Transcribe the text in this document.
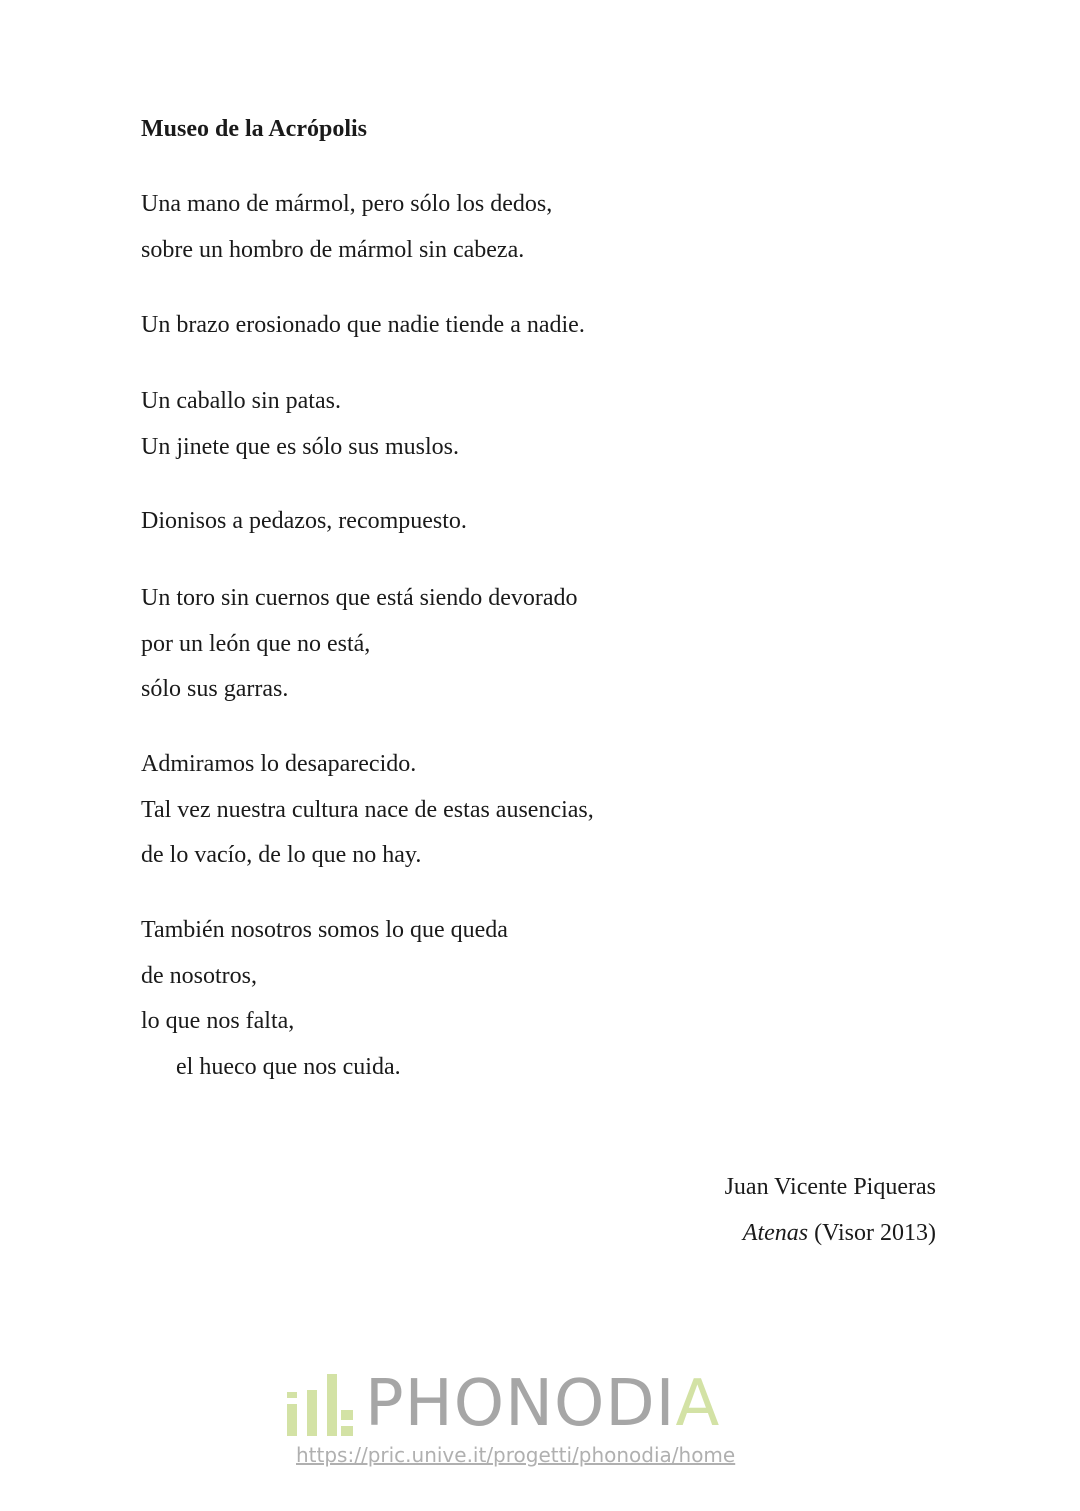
Museo de la Acrópolis
Una mano de mármol, pero sólo los dedos,
sobre un hombro de mármol sin cabeza.
Un brazo erosionado que nadie tiende a nadie.
Un caballo sin patas.
Un jinete que es sólo sus muslos.
Dionisos a pedazos, recompuesto.
Un toro sin cuernos que está siendo devorado
por un león que no está,
sólo sus garras.
Admiramos lo desaparecido.
Tal vez nuestra cultura nace de estas ausencias,
de lo vacío, de lo que no hay.
También nosotros somos lo que queda
de nosotros,
lo que nos falta,
el hueco que nos cuida.
Juan Vicente Piqueras
Atenas (Visor 2013)
PHONODIA
https://pric.unive.it/progetti/phonodia/home
